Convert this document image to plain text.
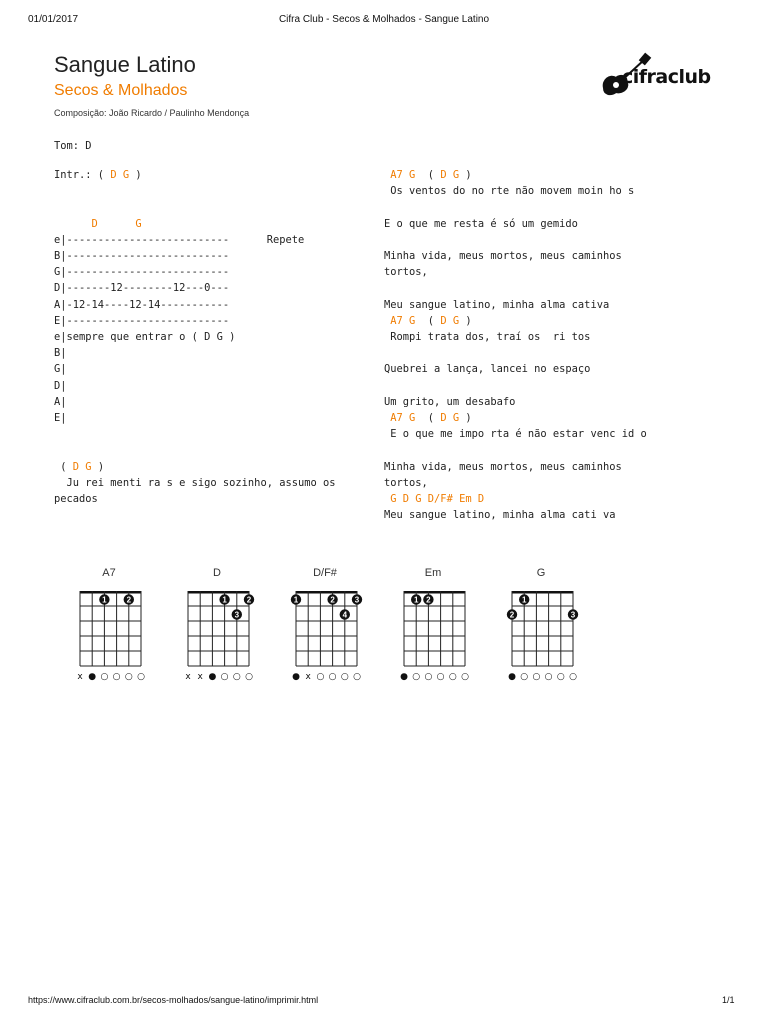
01/01/2017	Cifra Club - Secos & Molhados - Sangue Latino
Sangue Latino
Secos & Molhados
Composição: João Ricardo / Paulinho Mendonça
cifraclub
Tom: D
Intr.: ( D G )

D	G
e|--------------------------      Repete
B|--------------------------
G|--------------------------
D|-------12--------12---0---
A|-12-14----12-14-----------
E|--------------------------
e|sempre que entrar o ( D G )
B|
G|
D|
A|
E|

( D G )
Ju rei menti ra s e sigo sozinho, assumo os
pecados
A7 G  ( D G )
Os ventos do no rte não movem moin ho s

E o que me resta é só um gemido

Minha vida, meus mortos, meus caminhos
tortos,

Meu sangue latino, minha alma cativa
A7 G  ( D G )
Rompi trata dos, traí os  ri tos

Quebrei a lança, lancei no espaço

Um grito, um desabafo
A7 G  ( D G )
E o que me impo rta é não estar venc id o

Minha vida, meus mortos, meus caminhos
tortos,
G D G D/F# Em D
Meu sangue latino, minha alma cati va
A7
1 2
x ● ○ ○ ○ ○
D
1 2
3
x x ● ○ ○ ○
D/F#
1	2 3
4
● x ○ ○ ○ ○
Em
1 2
● ○ ○ ○ ○ ○
G
1
2	3
● ○ ○ ○ ○ ○
https://www.cifraclub.com.br/secos-molhados/sangue-latino/imprimir.html	1/1
